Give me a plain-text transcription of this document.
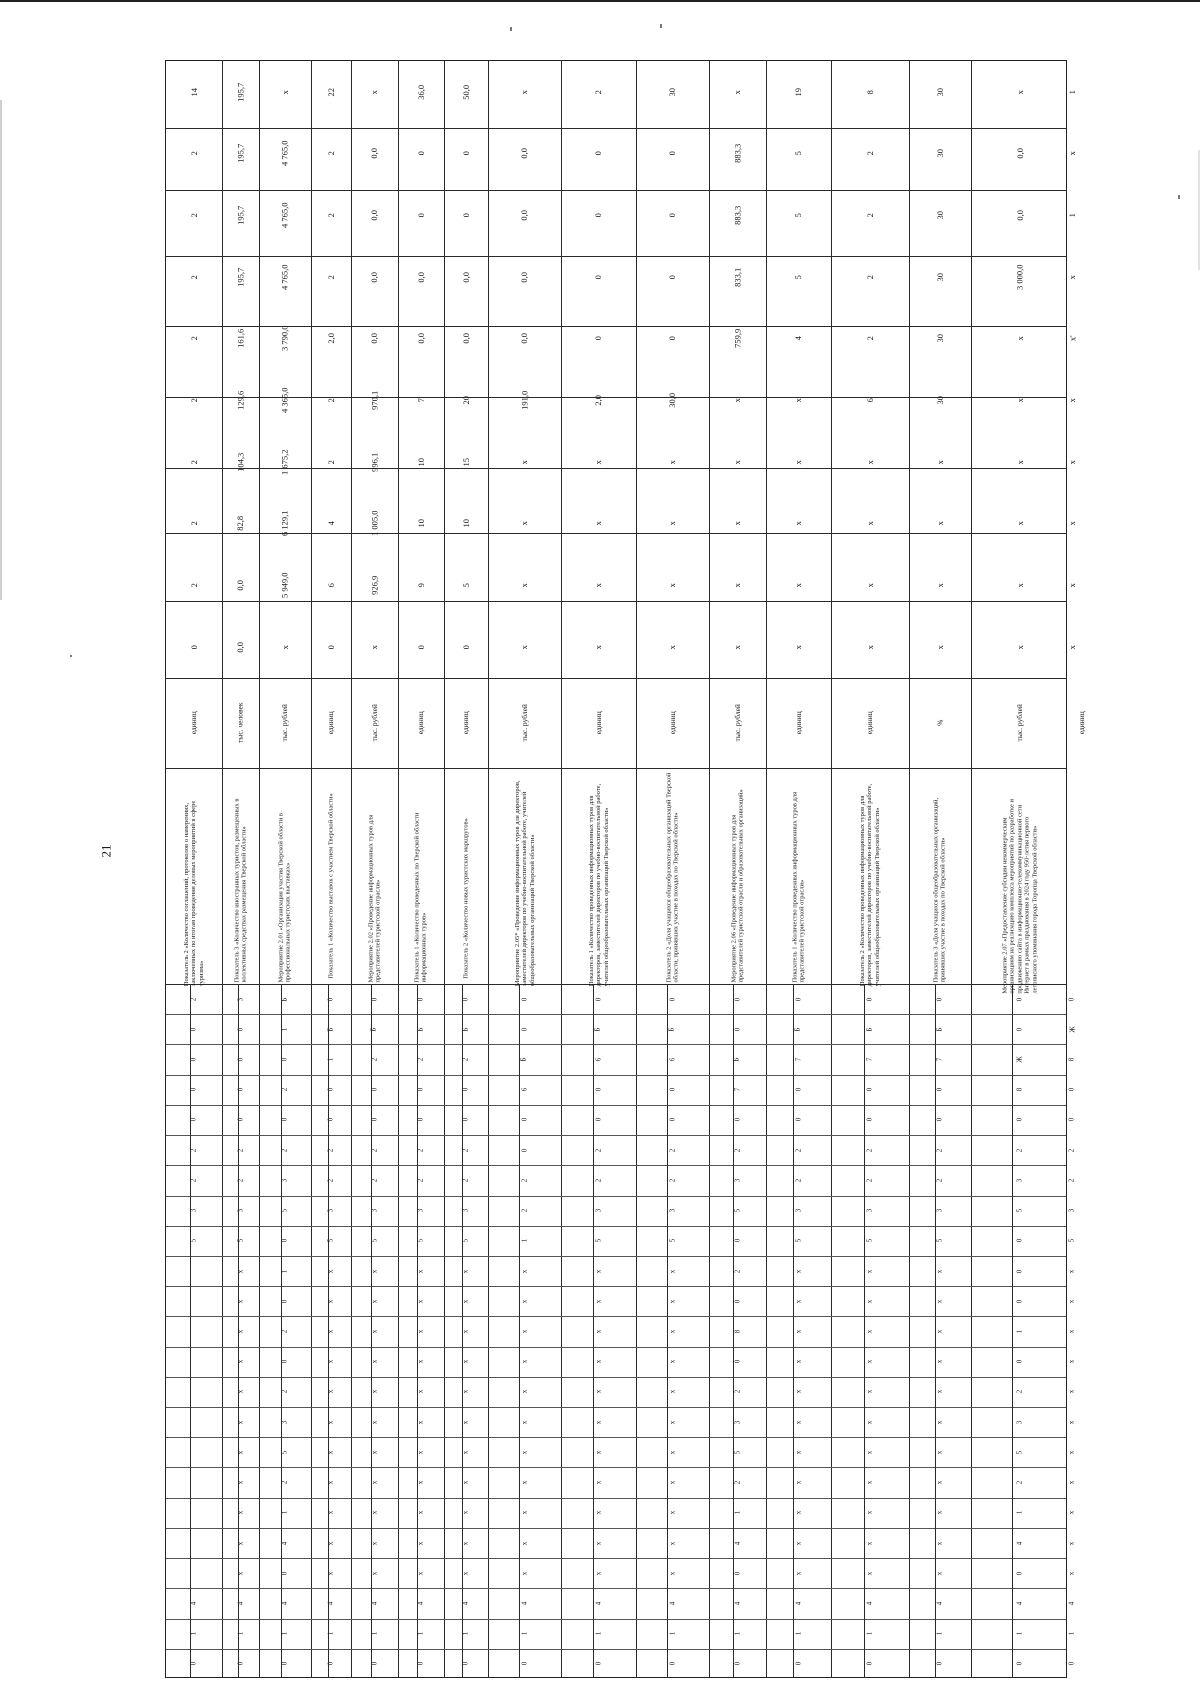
21
14
2
2
2
2
2
2
2
2
0
единиц
Показатель 2 «Количество соглашений, протоколов о намерениях, заключенных по итогам проведения деловых мероприятий в сфере туризма»
0
1
4
5
3
2
2
0
0
0
0
2
195,7
195,7
195,7
195,7
161,6
129,6
104,3
82,8
0,0
0,0
тыс. человек
Показатель 3 «Количество иностранных туристов, размещенных в коллективных средствах размещения Тверской области»
0
1
4
x
x
x
x
x
x
x
x
x
x
x
5
3
2
2
0
0
0
0
3
x
4 765,0
4 765,0
4 765,0
3 790,0
4 365,0
1 675,2
6 129,1
5 949,0
x
тыс. рублей
Мероприятие 2.01 «Организация участия Тверской области в профессиональных туристских выставках»
0
1
4
0
4
1
2
5
3
2
0
2
0
1
0
5
3
2
0
2
0
1
Б
22
2
2
2
2,0
2
2
4
6
0
единиц
Показатель 1 «Количество выставок с участием Тверской области»
0
1
4
x
x
x
x
x
x
x
x
x
x
x
5
3
2
2
0
0
1
Б
0
x
0,0
0,0
0,0
0,0
970,1
996,1
1 005,0
926,9
x
тыс. рублей
Мероприятие 2.02 «Проведение информационных туров для представителей туристской отрасли»
0
1
4
x
x
x
x
x
x
x
x
x
x
x
5
3
2
2
0
0
2
Б
0
36,0
0
0
0,0
0,0
7
10
10
9
0
единиц
Показатель 1 «Количество проведенных по Тверской области информационных туров»
0
1
4
x
x
x
x
x
x
x
x
x
x
x
5
3
2
2
0
0
2
Б
0
50,0
0
0
0,0
0,0
20
15
10
5
0
единиц
Показатель 2 «Количество новых туристских маршрутов»
0
1
4
x
x
x
x
x
x
x
x
x
x
x
5
3
2
2
0
0
2
Б
0
x
0,0
0,0
0,0
0,0
191,0
x
x
x
x
тыс. рублей
Мероприятие 2.05* «Проведение информационных туров для директоров, заместителей директоров по учебно-воспитательной работе, учителей общеобразовательных организаций Тверской области»
0
1
4
x
x
x
x
x
x
x
x
x
x
x
1
2
2
0
0
6
Б
0
0
2
0
0
0
0
2,0
x
x
x
x
единиц
Показатель 1 «Количество проведенных информационных туров для директоров, заместителей директоров по учебно-воспитательной работе, учителей общеобразовательных организаций Тверской области»
0
1
4
x
x
x
x
x
x
x
x
x
x
x
5
3
2
2
0
0
6
Б
0
30
0
0
0
0
30,0
x
x
x
x
единиц
Показатель 2 «Доля учащихся общеобразовательных организаций Тверской области, принявших участие в походах по Тверской области»
0
1
4
x
x
x
x
x
x
x
x
x
x
x
5
3
2
2
0
0
6
Б
0
x
883,3
883,3
833,1
759,9
x
x
x
x
x
тыс. рублей
Мероприятие 2.06 «Проведение информационных туров для представителей туристской отрасли и образовательных организаций»
0
1
4
0
4
1
2
5
3
2
0
8
0
2
0
5
3
2
0
7
Б
0
0
19
5
5
5
4
x
x
x
x
x
единиц
Показатель 1 «Количество проведенных информационных туров для представителей туристской отрасли»
0
1
4
x
x
x
x
x
x
x
x
x
x
x
5
3
2
2
0
0
7
Б
0
8
2
2
2
2
6
x
x
x
x
единиц
Показатель 2 «Количество проведенных информационных туров для директоров, заместителей директоров по учебно-воспитательной работе, учителей общеобразовательных организаций Тверской области»
0
1
4
x
x
x
x
x
x
x
x
x
x
x
5
3
2
2
0
0
7
Б
0
30
30
30
30
30
30
x
x
x
x
%
Показатель 3 «Доля учащихся общеобразовательных организаций, принявших участие в походах по Тверской области»
0
1
4
x
x
x
x
x
x
x
x
x
x
x
5
3
2
2
0
0
7
Б
0
x
0,0
0,0
3 000,0
x
x
x
x
x
x
тыс. рублей
Мероприятие 2.07 «Предоставление субсидии некоммерческим организациям на реализацию комплекса мероприятий по разработке и продвижению сайта в информационно-телекоммуникационной сети Интернет в рамках празднования в 2024 году 950-летия первого летописного упоминания города Торопца Тверской области»
0
1
4
0
4
1
2
5
3
2
0
1
0
0
0
5
3
2
0
8
Ж
0
0
1
x
1
x
x'
x
x
x
x
x
единиц
0
1
4
x
x
x
x
x
x
x
x
x
x
x
5
3
2
2
0
0
8
Ж
0
